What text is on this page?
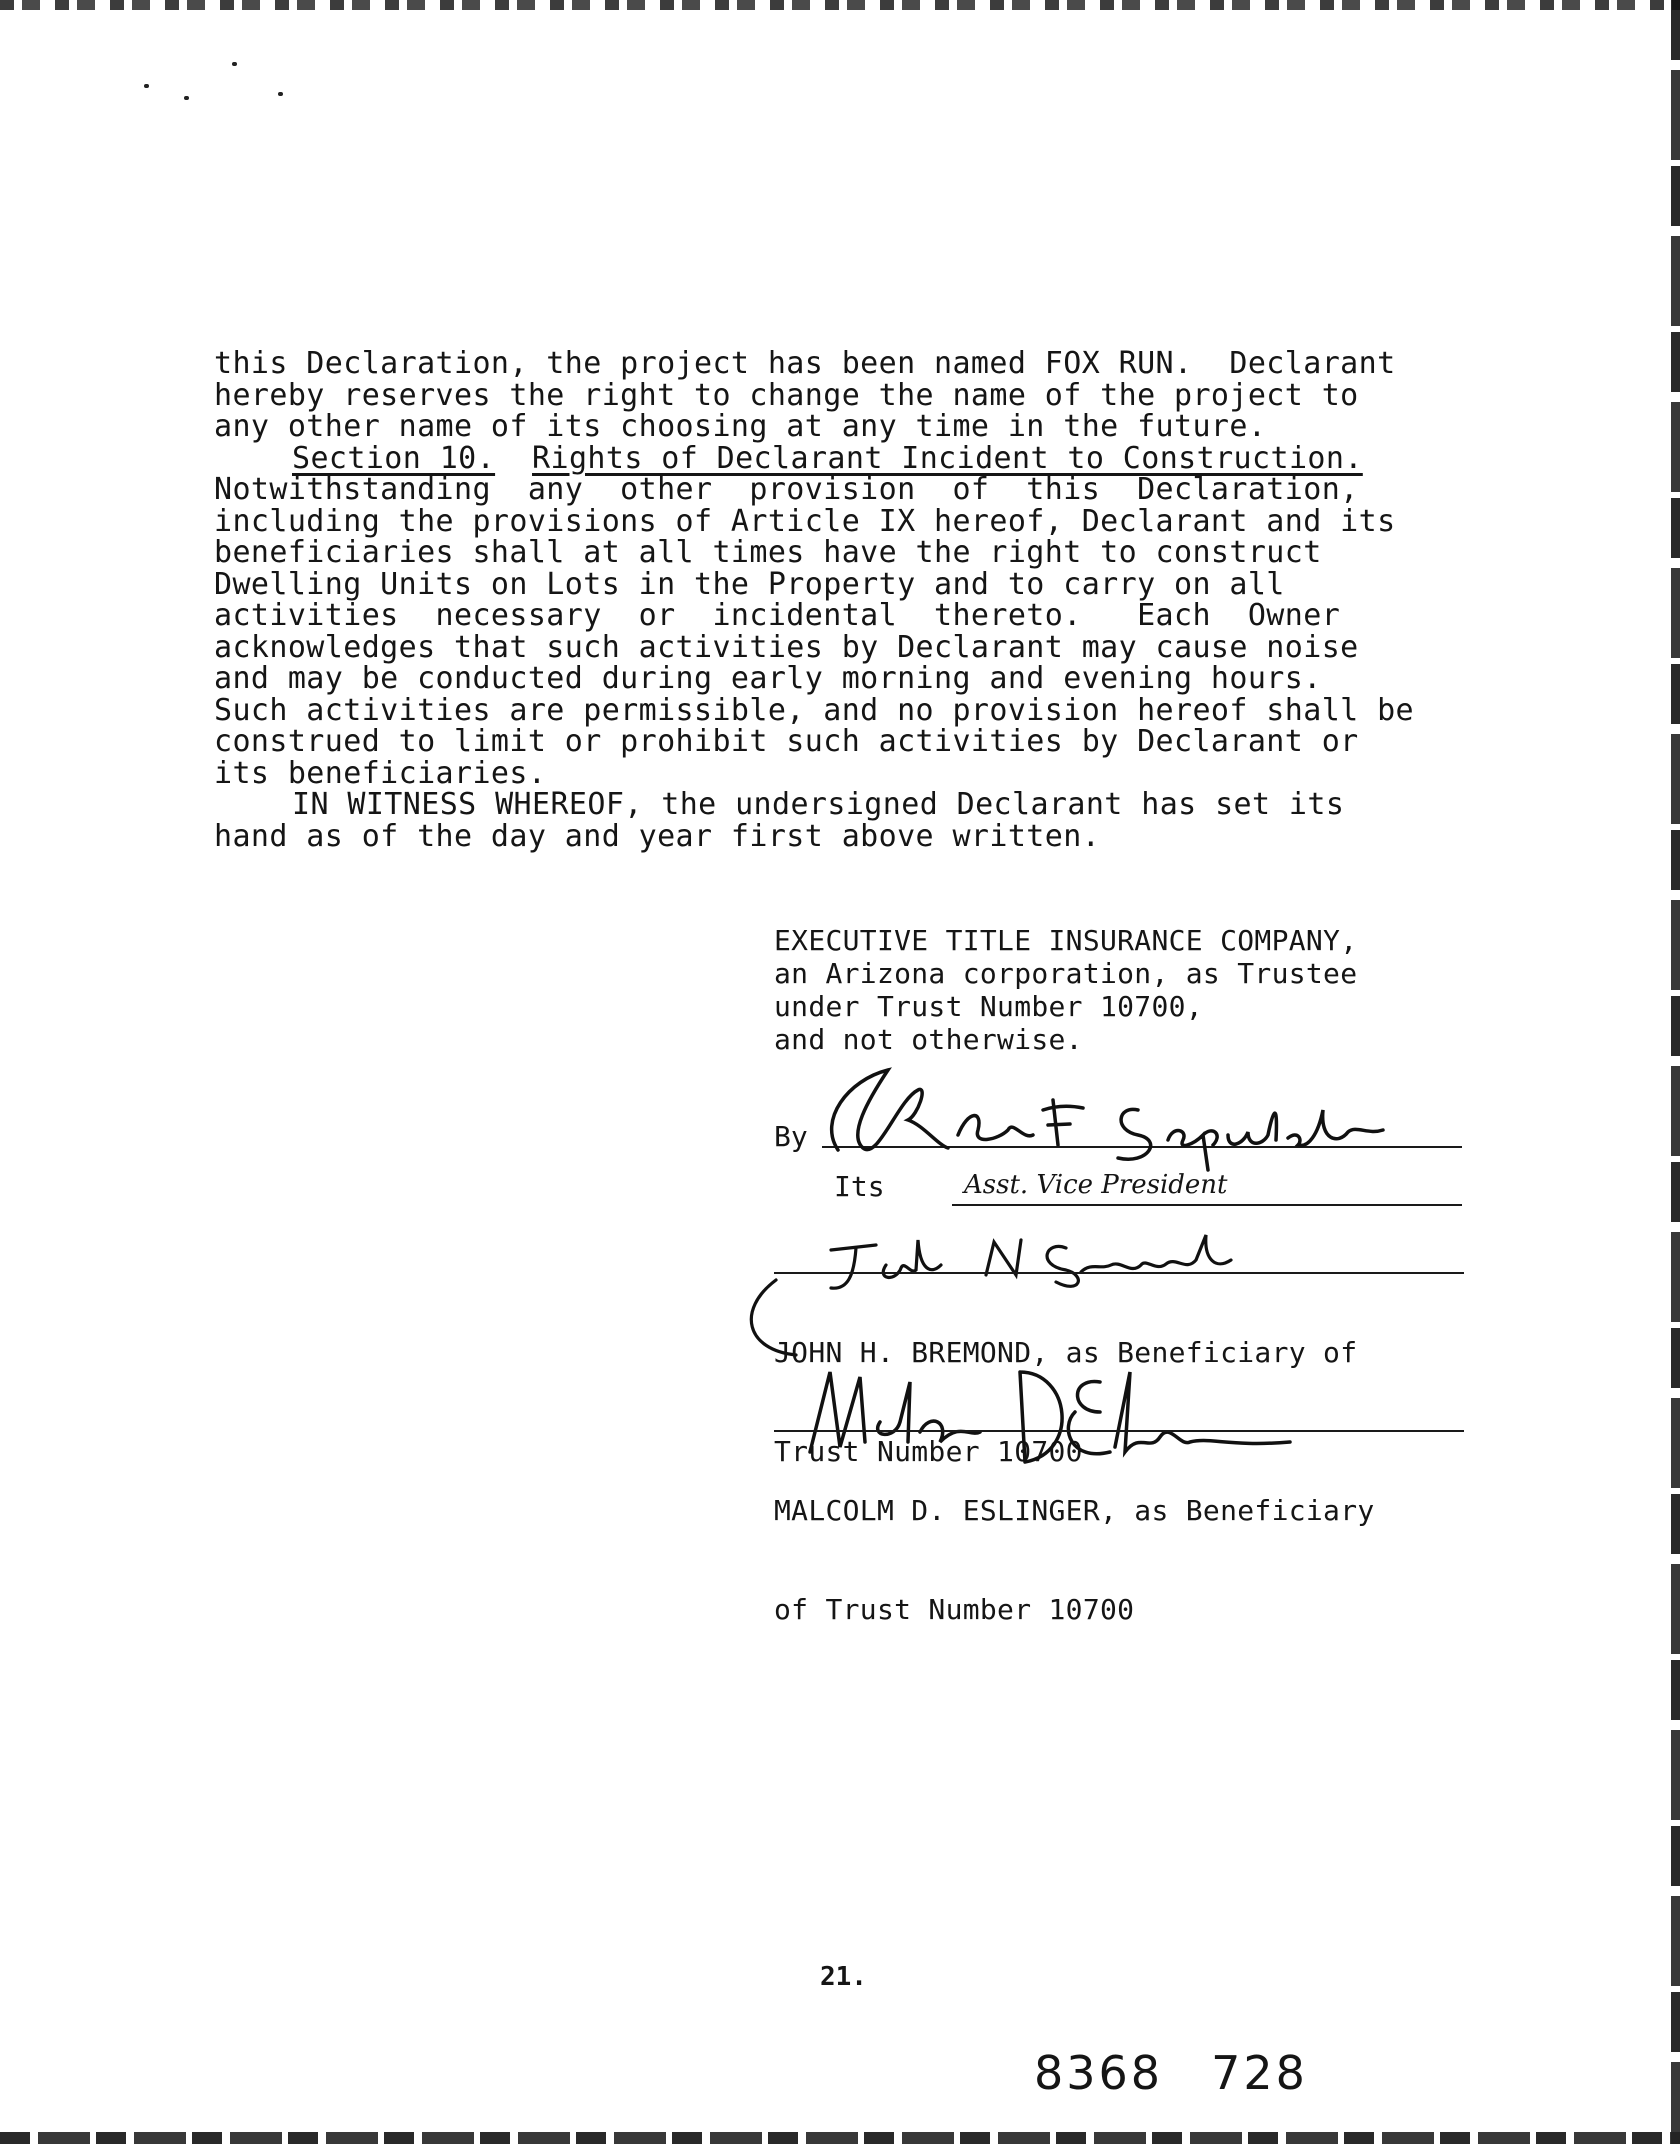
this Declaration, the project has been named FOX RUN.  Declarant
hereby reserves the right to change the name of the project to
any other name of its choosing at any time in the future.
Section 10.
Rights of Declarant Incident to Construction.
Notwithstanding  any  other  provision  of  this  Declaration,
including the provisions of Article IX hereof, Declarant and its
beneficiaries shall at all times have the right to construct
Dwelling Units on Lots in the Property and to carry on all
activities  necessary  or  incidental  thereto.   Each  Owner
acknowledges that such activities by Declarant may cause noise
and may be conducted during early morning and evening hours.
Such activities are permissible, and no provision hereof shall be
construed to limit or prohibit such activities by Declarant or
its beneficiaries.
IN WITNESS WHEREOF, the undersigned Declarant has set its
hand as of the day and year first above written.
EXECUTIVE TITLE INSURANCE COMPANY,
an Arizona corporation, as Trustee
under Trust Number 10700,
and not otherwise.
By
Its	Asst. Vice President

JOHN H. BREMOND, as Beneficiary of

Trust Number 10700

MALCOLM D. ESLINGER, as Beneficiary

of Trust Number 10700

21.
8368 728
